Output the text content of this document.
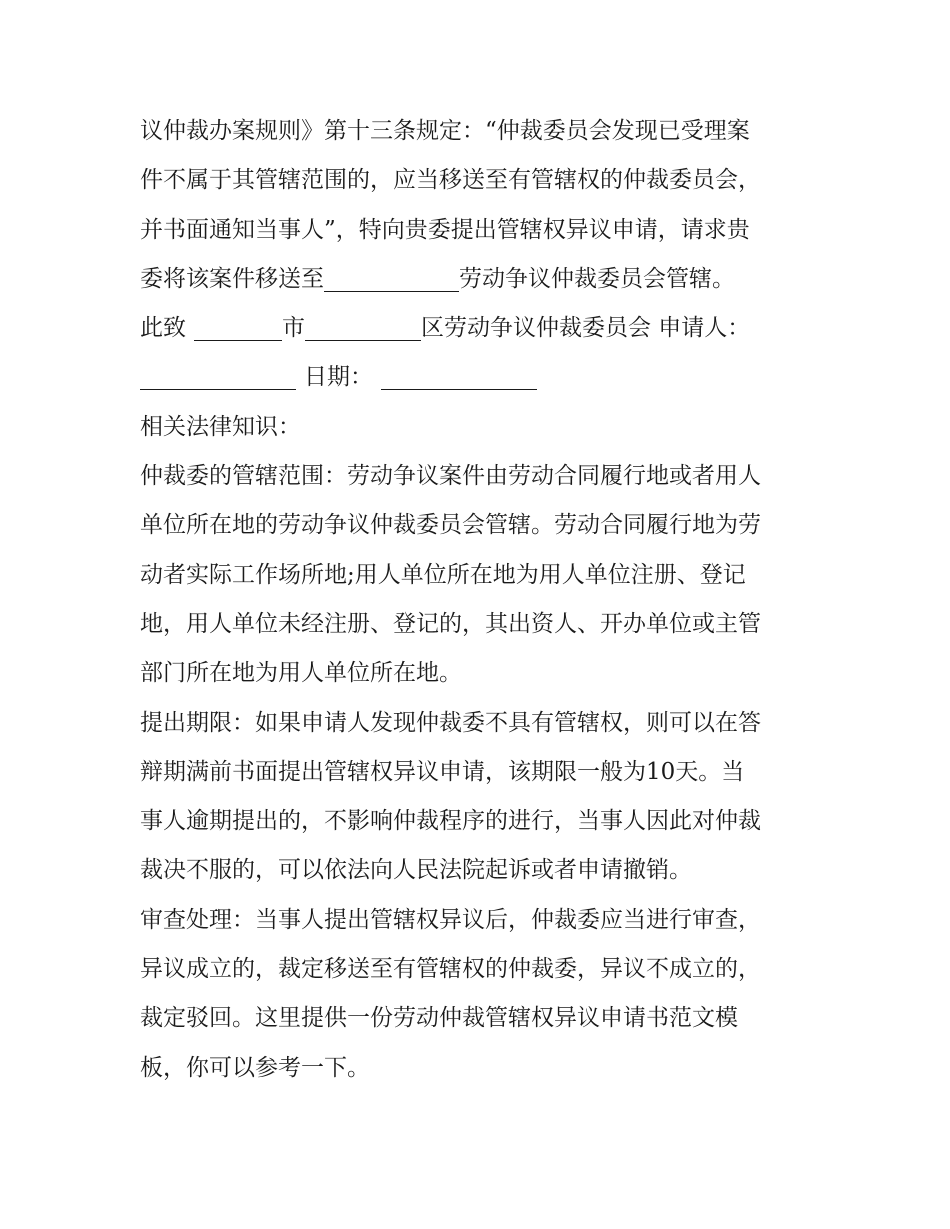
议仲裁办案规则》第十三条规定：“仲裁委员会发现已受理案
件不属于其管辖范围的，应当移送至有管辖权的仲裁委员会，
并书面通知当事人”，特向贵委提出管辖权异议申请，请求贵
委将该案件移送至	劳动争议仲裁委员会管辖。
此致	市	区劳动争议仲裁委员会 申请人：
日期：
相关法律知识：
仲裁委的管辖范围：劳动争议案件由劳动合同履行地或者用人
单位所在地的劳动争议仲裁委员会管辖。劳动合同履行地为劳
动者实际工作场所地;用人单位所在地为用人单位注册、登记
地，用人单位未经注册、登记的，其出资人、开办单位或主管
部门所在地为用人单位所在地。
提出期限：如果申请人发现仲裁委不具有管辖权，则可以在答
辩期满前书面提出管辖权异议申请，该期限一般为10天。当
事人逾期提出的，不影响仲裁程序的进行，当事人因此对仲裁
裁决不服的，可以依法向人民法院起诉或者申请撤销。
审查处理：当事人提出管辖权异议后，仲裁委应当进行审查，
异议成立的，裁定移送至有管辖权的仲裁委，异议不成立的，
裁定驳回。这里提供一份劳动仲裁管辖权异议申请书范文模
板，你可以参考一下。
